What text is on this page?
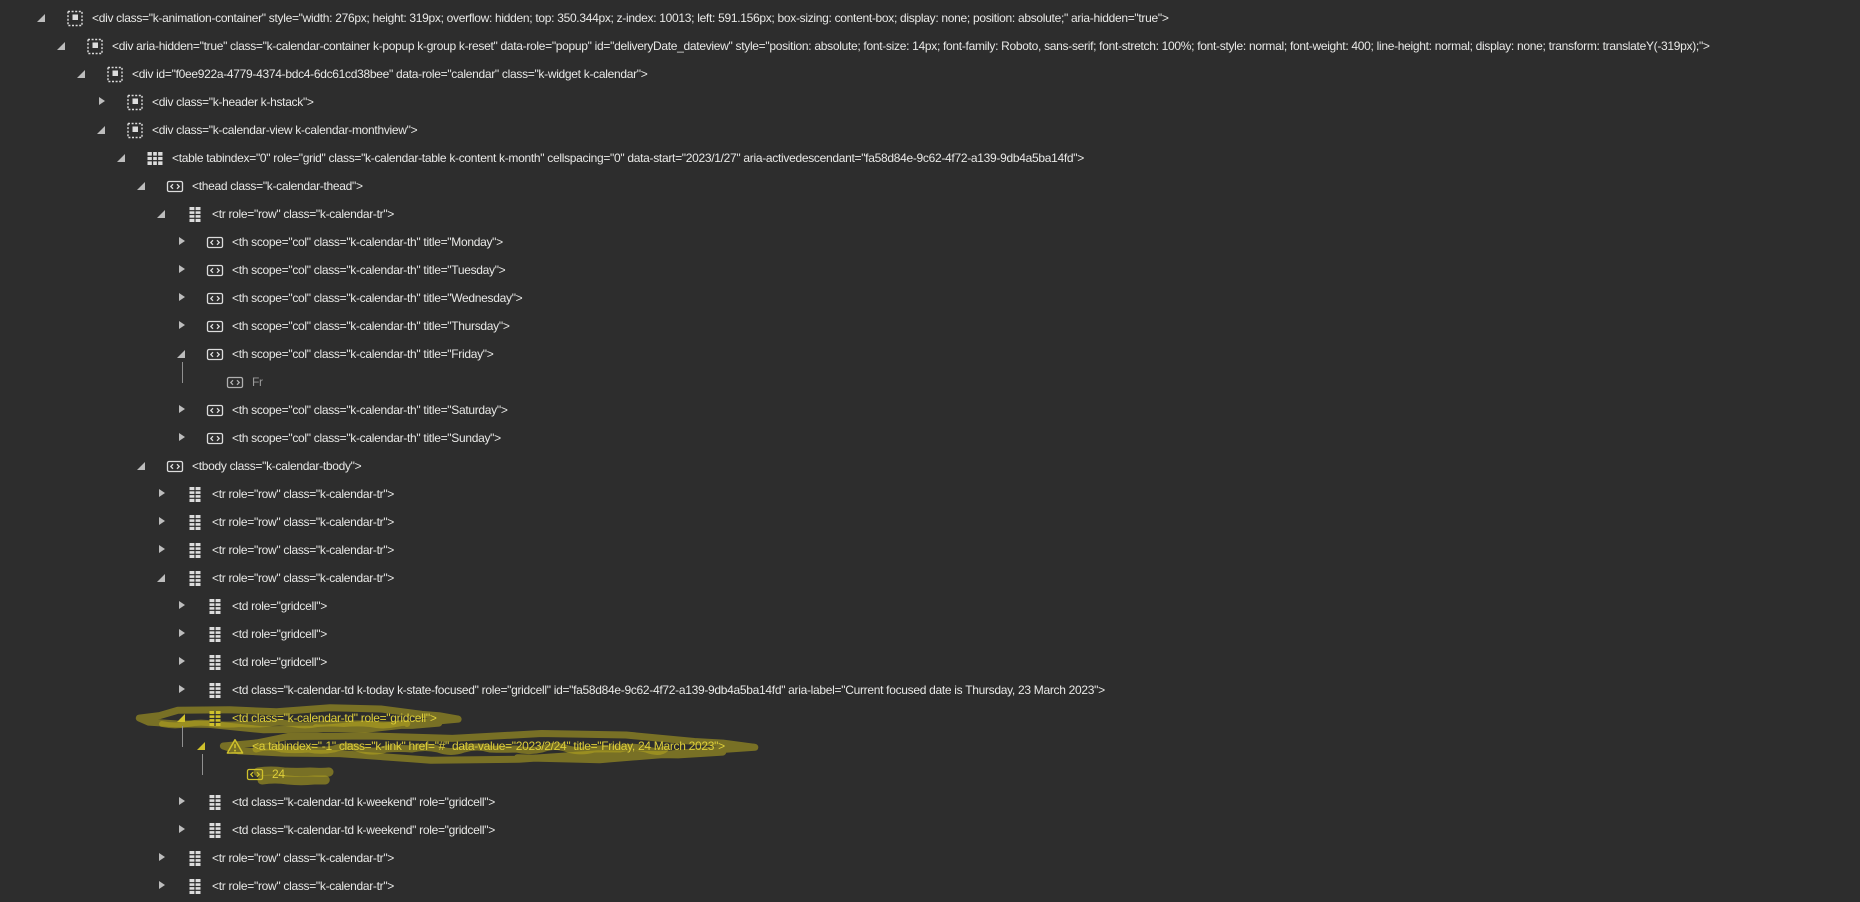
<div class="k-animation-container" style="width: 276px; height: 319px; overflow: hidden; top: 350.344px; z-index: 10013; left: 591.156px; box-sizing: content-box; display: none; position: absolute;" aria-hidden="true">
<div aria-hidden="true" class="k-calendar-container k-popup k-group k-reset" data-role="popup" id="deliveryDate_dateview" style="position: absolute; font-size: 14px; font-family: Roboto, sans-serif; font-stretch: 100%; font-style: normal; font-weight: 400; line-height: normal; display: none; transform: translateY(-319px);">
<div id="f0ee922a-4779-4374-bdc4-6dc61cd38bee" data-role="calendar" class="k-widget k-calendar">
<div class="k-header k-hstack">
<div class="k-calendar-view k-calendar-monthview">
<table tabindex="0" role="grid" class="k-calendar-table k-content k-month" cellspacing="0" data-start="2023/1/27" aria-activedescendant="fa58d84e-9c62-4f72-a139-9db4a5ba14fd">
<thead class="k-calendar-thead">
<tr role="row" class="k-calendar-tr">
<th scope="col" class="k-calendar-th" title="Monday">
<th scope="col" class="k-calendar-th" title="Tuesday">
<th scope="col" class="k-calendar-th" title="Wednesday">
<th scope="col" class="k-calendar-th" title="Thursday">
<th scope="col" class="k-calendar-th" title="Friday">
Fr
<th scope="col" class="k-calendar-th" title="Saturday">
<th scope="col" class="k-calendar-th" title="Sunday">
<tbody class="k-calendar-tbody">
<tr role="row" class="k-calendar-tr">
<tr role="row" class="k-calendar-tr">
<tr role="row" class="k-calendar-tr">
<tr role="row" class="k-calendar-tr">
<td role="gridcell">
<td role="gridcell">
<td role="gridcell">
<td class="k-calendar-td k-today k-state-focused" role="gridcell" id="fa58d84e-9c62-4f72-a139-9db4a5ba14fd" aria-label="Current focused date is Thursday, 23 March 2023">
<td class="k-calendar-td" role="gridcell">
<a tabindex="-1" class="k-link" href="#" data-value="2023/2/24" title="Friday, 24 March 2023">
24
<td class="k-calendar-td k-weekend" role="gridcell">
<td class="k-calendar-td k-weekend" role="gridcell">
<tr role="row" class="k-calendar-tr">
<tr role="row" class="k-calendar-tr">
